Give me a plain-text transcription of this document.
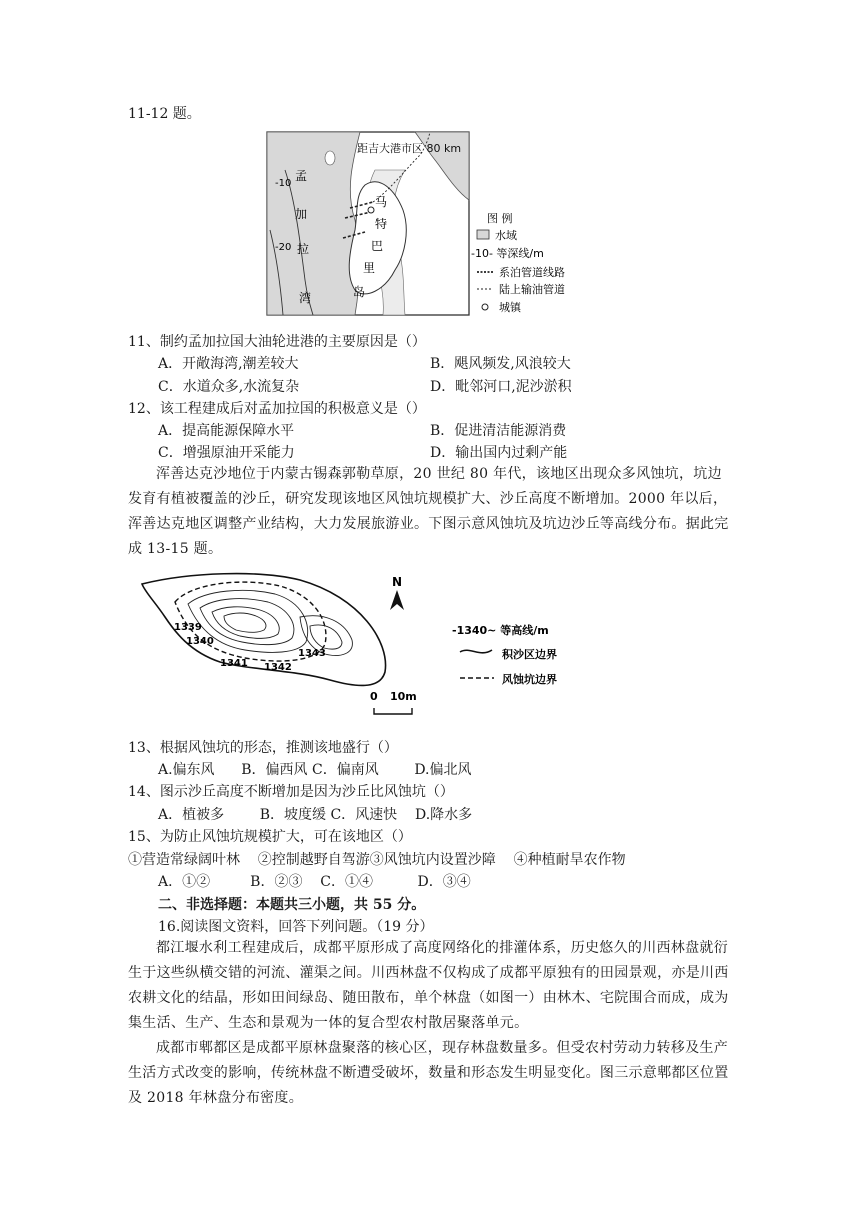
11-12 题。
距吉大港市区 80 km
孟
加
拉
湾
-10
-20
马
特
巴
里
岛
图 例
水域
-10- 等深线/m
系泊管道线路
陆上输油管道
城镇
11、制约孟加拉国大油轮进港的主要原因是（）
A．开敞海湾,潮差较大	B．飓风频发,风浪较大
C．水道众多,水流复杂	D．毗邻河口,泥沙淤积
12、该工程建成后对孟加拉国的积极意义是（）
A．提高能源保障水平	B．促进清洁能源消费
C．增强原油开采能力	D．输出国内过剩产能
浑善达克沙地位于内蒙古锡森郭勒草原，20 世纪 80 年代，该地区出现众多风蚀坑，坑边发育有植被覆盖的沙丘，研究发现该地区风蚀坑规模扩大、沙丘高度不断增加。2000 年以后，浑善达克地区调整产业结构，大力发展旅游业。下图示意风蚀坑及坑边沙丘等高线分布。据此完成 13-15 题。
1339
1340
1341 1342
1343
N
-1340~ 等高线/m
积沙区边界
风蚀坑边界
0 10m
13、根据风蚀坑的形态，推测该地盛行（）
A.偏东风      B．偏西风 C．偏南风        D.偏北风
14、图示沙丘高度不断增加是因为沙丘比风蚀坑（）
A．植被多        B．坡度缓 C．风速快    D.降水多
15、为防止风蚀坑规模扩大，可在该地区（）
①营造常绿阔叶林    ②控制越野自驾游③风蚀坑内设置沙障    ④种植耐旱农作物
A．①②         B．②③    C．①④          D．③④
二、非选择题：本题共三小题，共 55 分。
16.阅读图文资料，回答下列问题。（19 分）
都江堰水利工程建成后，成都平原形成了高度网络化的排灌体系，历史悠久的川西林盘就衍生于这些纵横交错的河流、灌渠之间。川西林盘不仅构成了成都平原独有的田园景观，亦是川西农耕文化的结晶，形如田间绿岛、随田散布，单个林盘（如图一）由林木、宅院围合而成，成为集生活、生产、生态和景观为一体的复合型农村散居聚落单元。
成都市郫都区是成都平原林盘聚落的核心区，现存林盘数量多。但受农村劳动力转移及生产生活方式改变的影响，传统林盘不断遭受破坏，数量和形态发生明显变化。图三示意郫都区位置及 2018 年林盘分布密度。
